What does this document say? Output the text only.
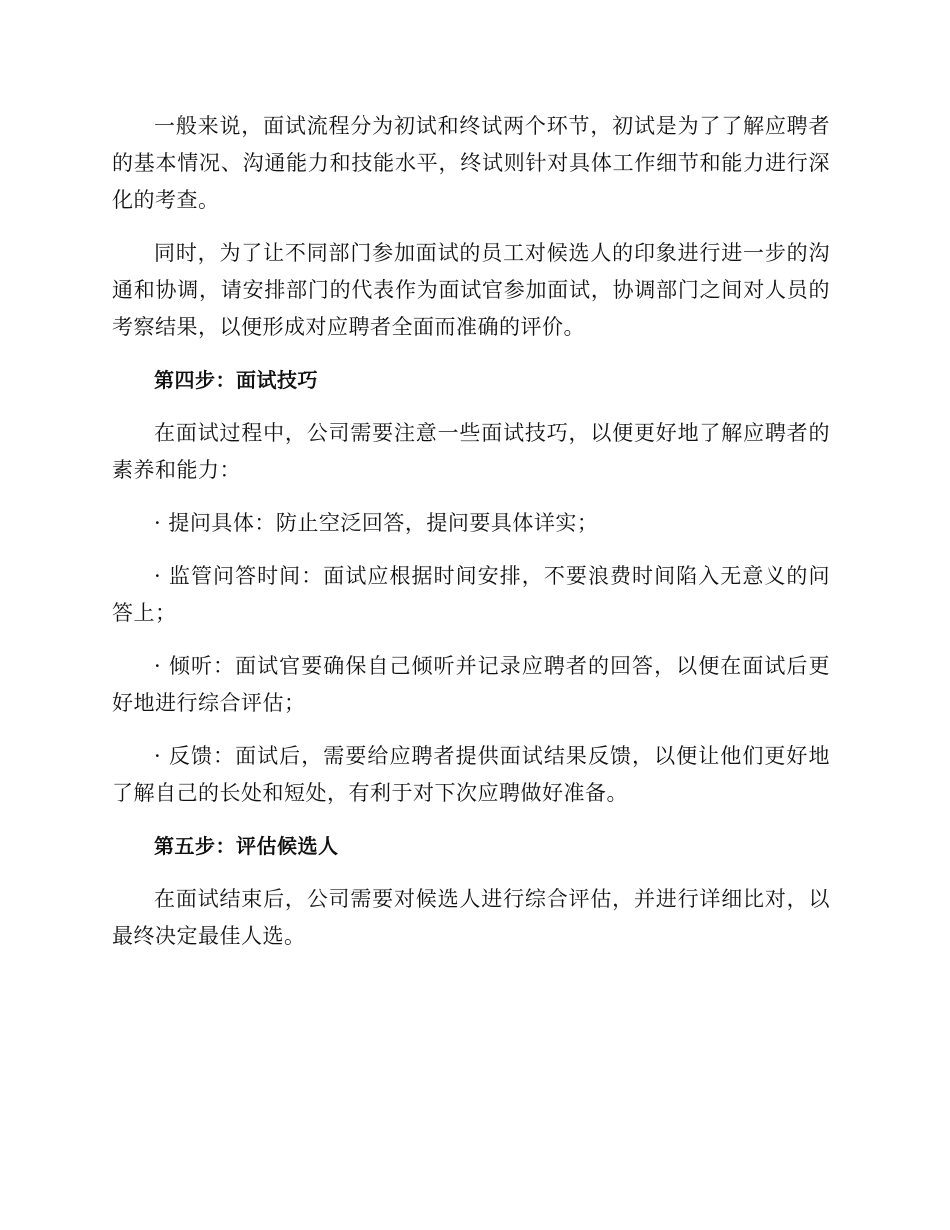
一般来说，面试流程分为初试和终试两个环节，初试是为了了解应聘者的基本情况、沟通能力和技能水平，终试则针对具体工作细节和能力进行深化的考查。

同时，为了让不同部门参加面试的员工对候选人的印象进行进一步的沟通和协调，请安排部门的代表作为面试官参加面试，协调部门之间对人员的考察结果，以便形成对应聘者全面而准确的评价。

第四步：面试技巧

在面试过程中，公司需要注意一些面试技巧，以便更好地了解应聘者的素养和能力：

· 提问具体：防止空泛回答，提问要具体详实；

· 监管问答时间：面试应根据时间安排，不要浪费时间陷入无意义的问答上；

· 倾听：面试官要确保自己倾听并记录应聘者的回答，以便在面试后更好地进行综合评估；

· 反馈：面试后，需要给应聘者提供面试结果反馈，以便让他们更好地了解自己的长处和短处，有利于对下次应聘做好准备。

第五步：评估候选人

在面试结束后，公司需要对候选人进行综合评估，并进行详细比对，以最终决定最佳人选。
